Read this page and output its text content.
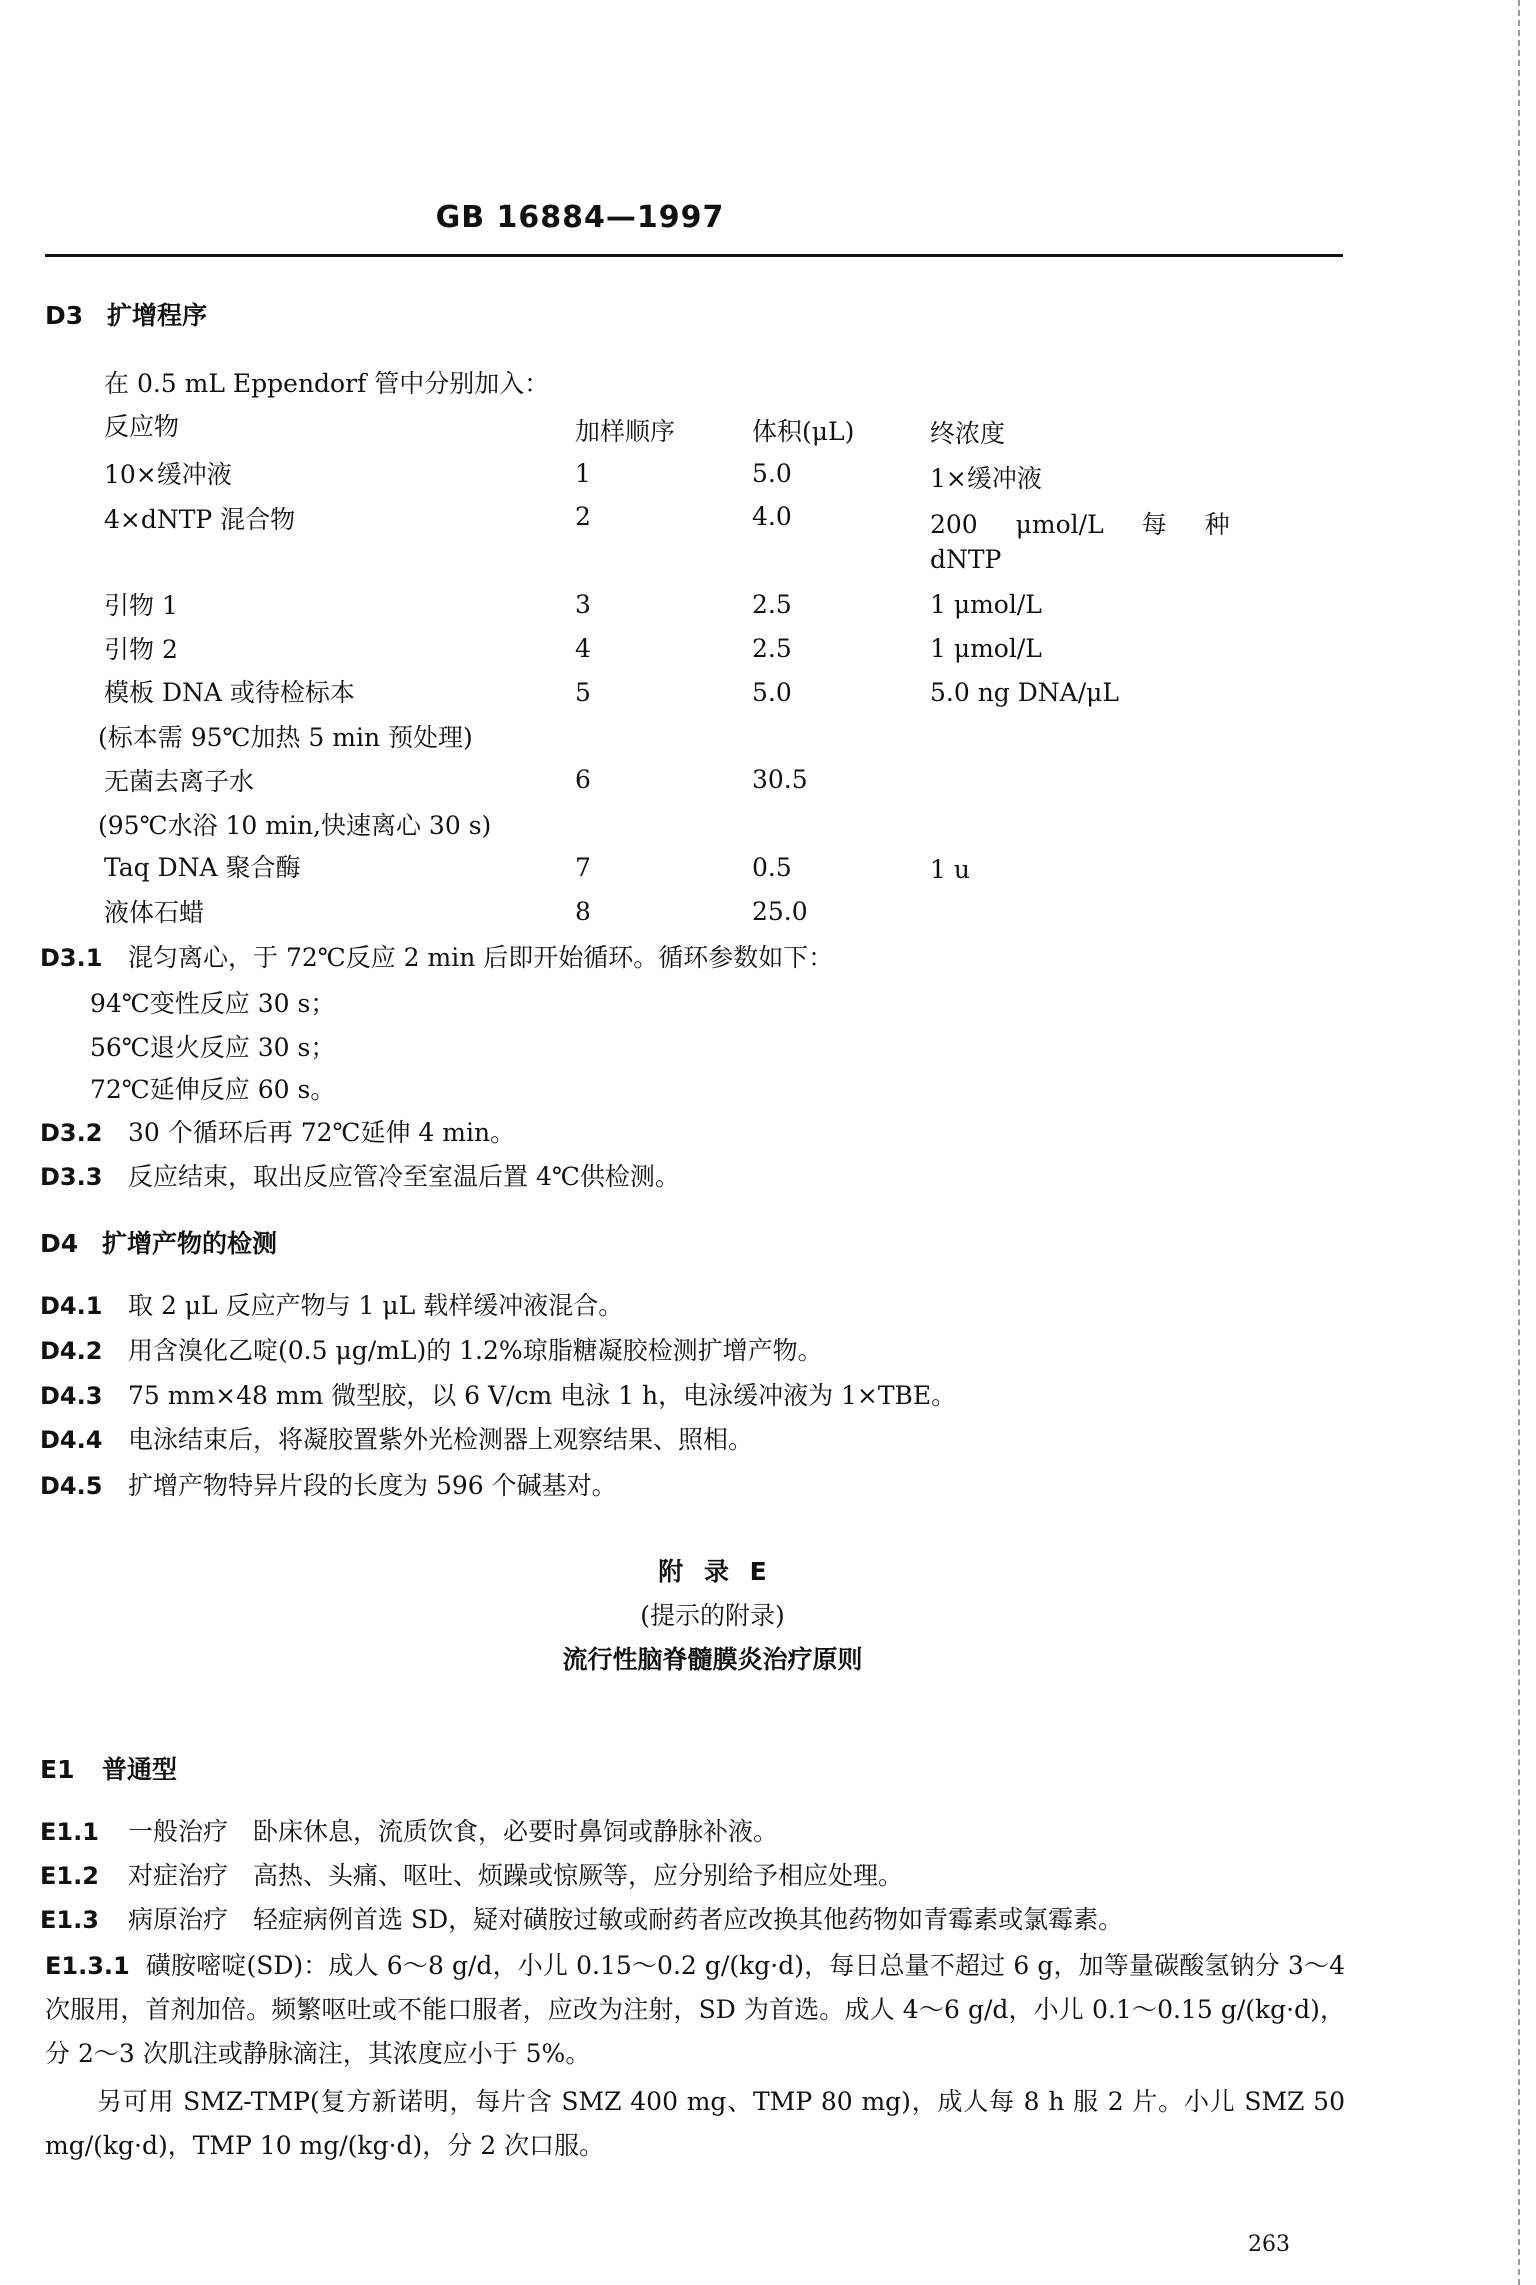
GB 16884—1997
D3 扩增程序
在 0.5 mL Eppendorf 管中分别加入：
反应物	加样顺序	体积(μL)	终浓度
10×缓冲液	1	5.0	1×缓冲液
4×dNTP 混合物	2	4.0	200 μmol/L 每 种
dNTP
引物 1	3	2.5	1 μmol/L
引物 2	4	2.5	1 μmol/L
模板 DNA 或待检标本	5	5.0	5.0 ng DNA/μL
(标本需 95℃加热 5 min 预处理)
无菌去离子水	6	30.5
(95℃水浴 10 min,快速离心 30 s)
Taq DNA 聚合酶	7	0.5	1 u
液体石蜡	8	25.0
D3.1 混匀离心，于 72℃反应 2 min 后即开始循环。循环参数如下：
94℃变性反应 30 s；
56℃退火反应 30 s；
72℃延伸反应 60 s。
D3.2 30 个循环后再 72℃延伸 4 min。
D3.3 反应结束，取出反应管冷至室温后置 4℃供检测。
D4 扩增产物的检测
D4.1 取 2 μL 反应产物与 1 μL 载样缓冲液混合。
D4.2 用含溴化乙啶(0.5 μg/mL)的 1.2%琼脂糖凝胶检测扩增产物。
D4.3 75 mm×48 mm 微型胶，以 6 V/cm 电泳 1 h，电泳缓冲液为 1×TBE。
D4.4 电泳结束后，将凝胶置紫外光检测器上观察结果、照相。
D4.5 扩增产物特异片段的长度为 596 个碱基对。
附 录 E
(提示的附录)
流行性脑脊髓膜炎治疗原则
E1 普通型
E1.1 一般治疗　卧床休息，流质饮食，必要时鼻饲或静脉补液。
E1.2 对症治疗　高热、头痛、呕吐、烦躁或惊厥等，应分别给予相应处理。
E1.3 病原治疗　轻症病例首选 SD，疑对磺胺过敏或耐药者应改换其他药物如青霉素或氯霉素。
E1.3.1 磺胺嘧啶(SD)：成人 6～8 g/d，小儿 0.15～0.2 g/(kg·d)，每日总量不超过 6 g，加等量碳酸氢钠分 3～4 次服用，首剂加倍。频繁呕吐或不能口服者，应改为注射，SD 为首选。成人 4～6 g/d，小儿 0.1～0.15 g/(kg·d)，分 2～3 次肌注或静脉滴注，其浓度应小于 5%。
另可用 SMZ-TMP(复方新诺明，每片含 SMZ 400 mg、TMP 80 mg)，成人每 8 h 服 2 片。小儿 SMZ 50 mg/(kg·d)，TMP 10 mg/(kg·d)，分 2 次口服。
263
